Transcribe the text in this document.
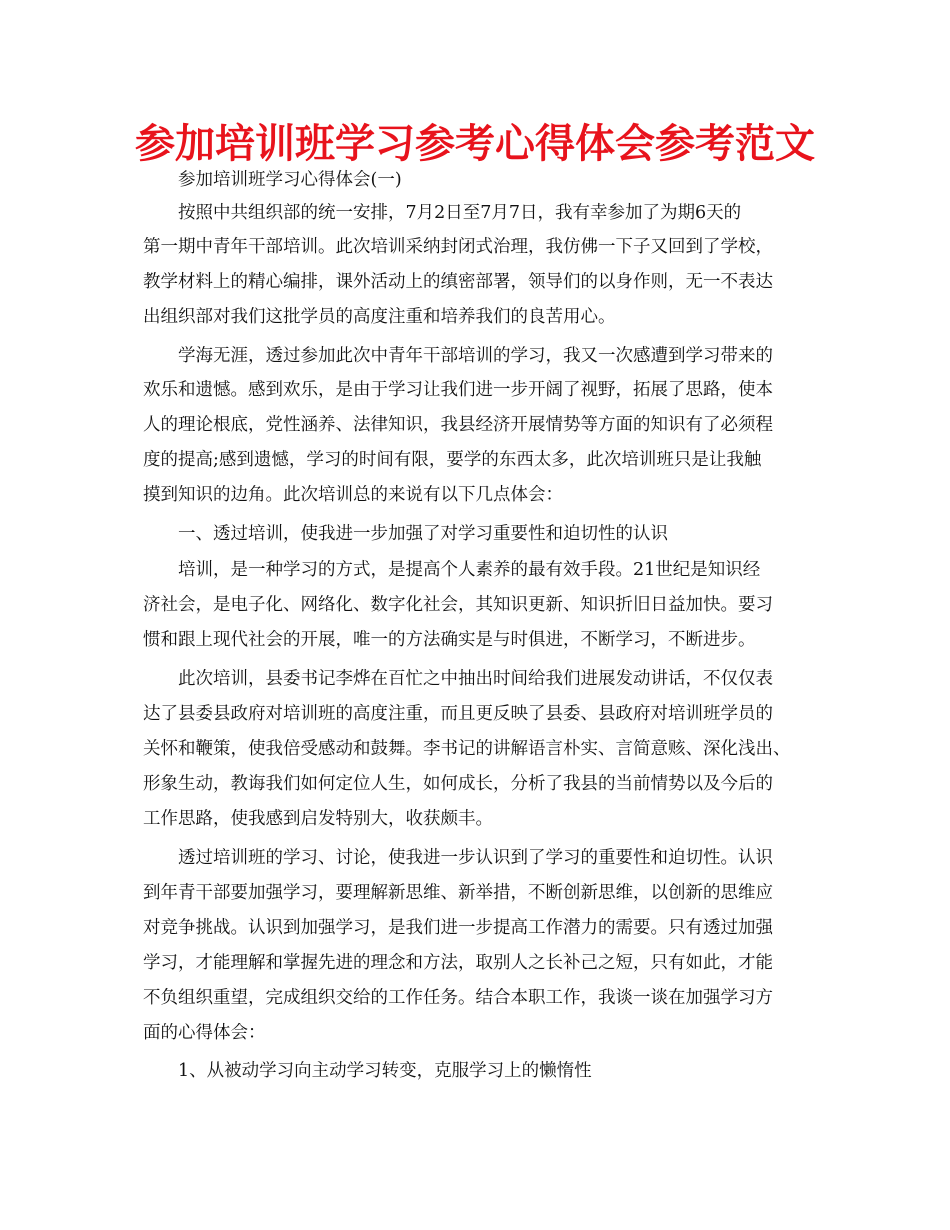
参加培训班学习参考心得体会参考范文
参加培训班学习心得体会(一)
按照中共组织部的统一安排，7月2日至7月7日，我有幸参加了为期6天的
第一期中青年干部培训。此次培训采纳封闭式治理，我仿佛一下子又回到了学校，
教学材料上的精心编排，课外活动上的缜密部署，领导们的以身作则，无一不表达
出组织部对我们这批学员的高度注重和培养我们的良苦用心。
学海无涯，透过参加此次中青年干部培训的学习，我又一次感遭到学习带来的
欢乐和遗憾。感到欢乐，是由于学习让我们进一步开阔了视野，拓展了思路，使本
人的理论根底，党性涵养、法律知识，我县经济开展情势等方面的知识有了必须程
度的提高;感到遗憾，学习的时间有限，要学的东西太多，此次培训班只是让我触
摸到知识的边角。此次培训总的来说有以下几点体会：
一、透过培训，使我进一步加强了对学习重要性和迫切性的认识
培训，是一种学习的方式，是提高个人素养的最有效手段。21世纪是知识经
济社会，是电子化、网络化、数字化社会，其知识更新、知识折旧日益加快。要习
惯和跟上现代社会的开展，唯一的方法确实是与时俱进，不断学习，不断进步。
此次培训，县委书记李烨在百忙之中抽出时间给我们进展发动讲话，不仅仅表
达了县委县政府对培训班的高度注重，而且更反映了县委、县政府对培训班学员的
关怀和鞭策，使我倍受感动和鼓舞。李书记的讲解语言朴实、言简意赅、深化浅出、
形象生动，教诲我们如何定位人生，如何成长，分析了我县的当前情势以及今后的
工作思路，使我感到启发特别大，收获颇丰。
透过培训班的学习、讨论，使我进一步认识到了学习的重要性和迫切性。认识
到年青干部要加强学习，要理解新思维、新举措，不断创新思维，以创新的思维应
对竞争挑战。认识到加强学习，是我们进一步提高工作潜力的需要。只有透过加强
学习，才能理解和掌握先进的理念和方法，取别人之长补己之短，只有如此，才能
不负组织重望，完成组织交给的工作任务。结合本职工作，我谈一谈在加强学习方
面的心得体会：
1、从被动学习向主动学习转变，克服学习上的懒惰性
